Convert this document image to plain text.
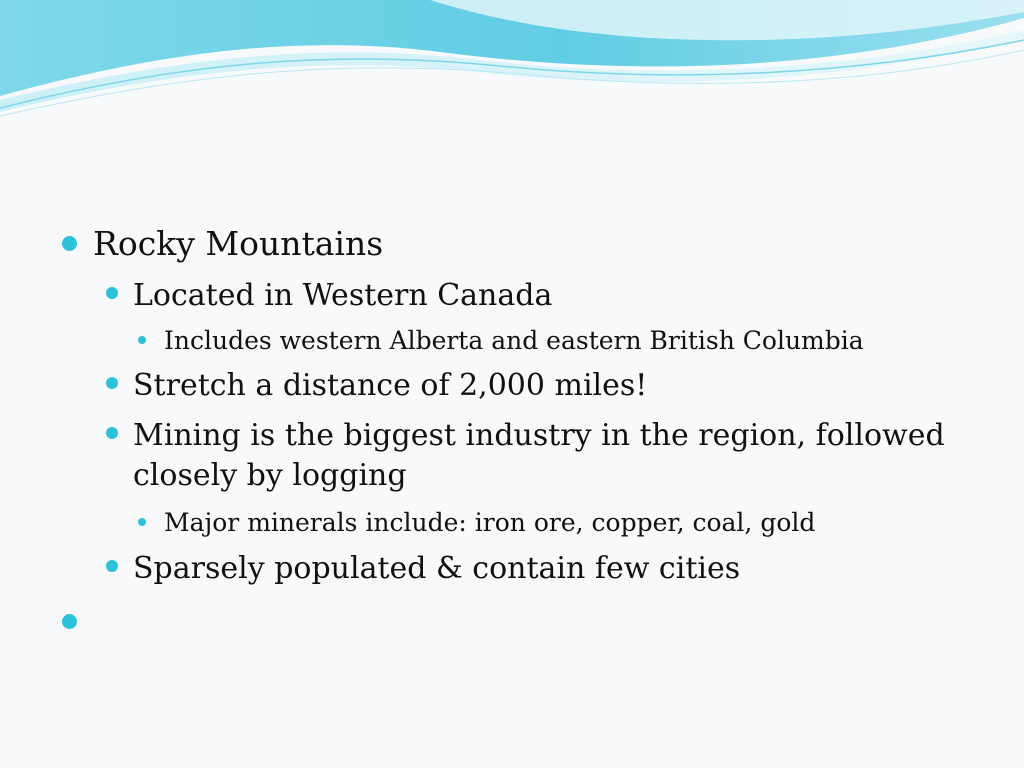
Rocky Mountains
Located in Western Canada
Includes western Alberta and eastern British Columbia
Stretch a distance of 2,000 miles!
Mining is the biggest industry in the region, followed
closely by logging
Major minerals include: iron ore, copper, coal, gold
Sparsely populated & contain few cities
